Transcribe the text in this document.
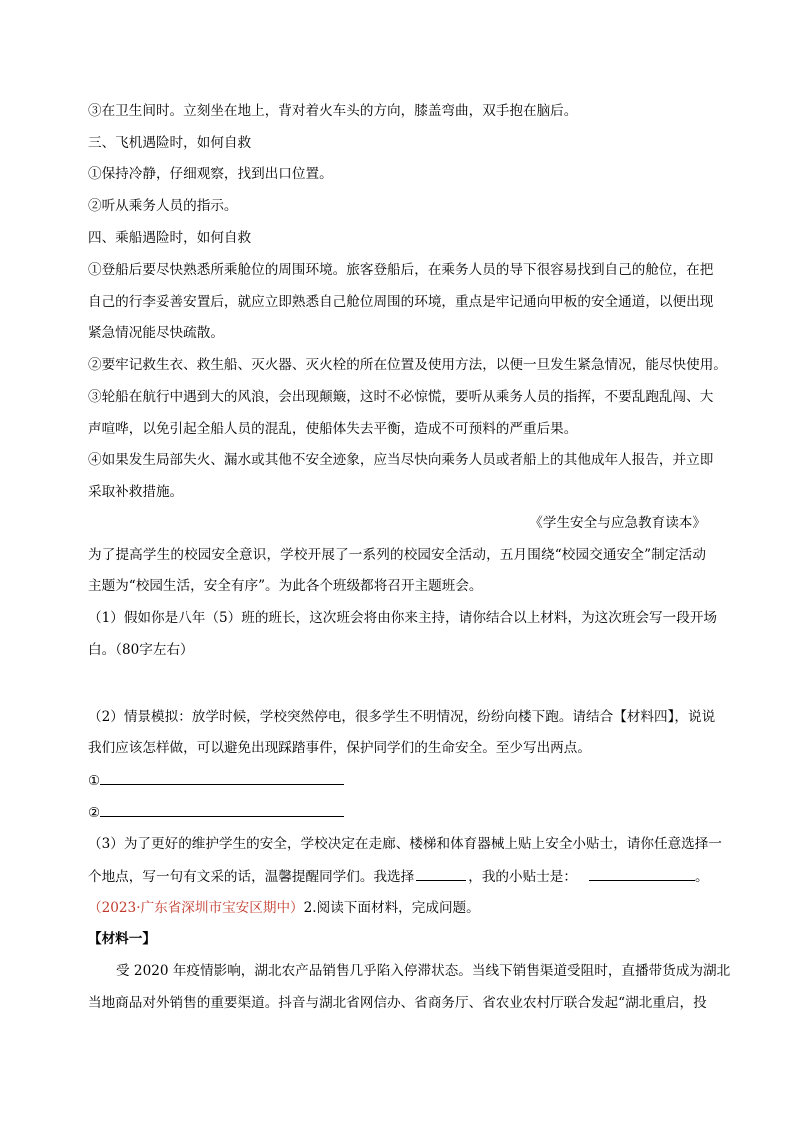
③在卫生间时。立刻坐在地上，背对着火车头的方向，膝盖弯曲，双手抱在脑后。

三、飞机遇险时，如何自救

①保持冷静，仔细观察，找到出口位置。

②听从乘务人员的指示。

四、乘船遇险时，如何自救

①登船后要尽快熟悉所乘舱位的周围环境。旅客登船后，在乘务人员的导下很容易找到自己的舱位，在把

自己的行李妥善安置后，就应立即熟悉自己舱位周围的环境，重点是牢记通向甲板的安全通道，以便出现

紧急情况能尽快疏散。

②要牢记救生衣、救生船、灭火器、灭火栓的所在位置及使用方法，以便一旦发生紧急情况，能尽快使用。

③轮船在航行中遇到大的风浪，会出现颠簸，这时不必惊慌，要听从乘务人员的指挥，不要乱跑乱闯、大

声喧哗，以免引起全船人员的混乱，使船体失去平衡，造成不可预料的严重后果。

④如果发生局部失火、漏水或其他不安全迹象，应当尽快向乘务人员或者船上的其他成年人报告，并立即

采取补救措施。

《学生安全与应急教育读本》

为了提高学生的校园安全意识，学校开展了一系列的校园安全活动，五月围绕“校园交通安全”制定活动

主题为“校园生活，安全有序”。为此各个班级都将召开主题班会。

（1）假如你是八年（5）班的班长，这次班会将由你来主持，请你结合以上材料，为这次班会写一段开场

白。（80字左右）

（2）情景模拟：放学时候，学校突然停电，很多学生不明情况，纷纷向楼下跑。请结合【材料四】，说说

我们应该怎样做，可以避免出现踩踏事件，保护同学们的生命安全。至少写出两点。

①

②

（3）为了更好的维护学生的安全，学校决定在走廊、楼梯和体育器械上贴上安全小贴士，请你任意选择一

个地点，写一句有文采的话，温馨提醒同学们。我选择	，我的小贴士是：	。

（2023·广东省深圳市宝安区期中）2.阅读下面材料，完成问题。

【材料一】

受 2020 年疫情影响，湖北农产品销售几乎陷入停滞状态。当线下销售渠道受阻时，直播带货成为湖北

当地商品对外销售的重要渠道。抖音与湖北省网信办、省商务厅、省农业农村厅联合发起“湖北重启，投
